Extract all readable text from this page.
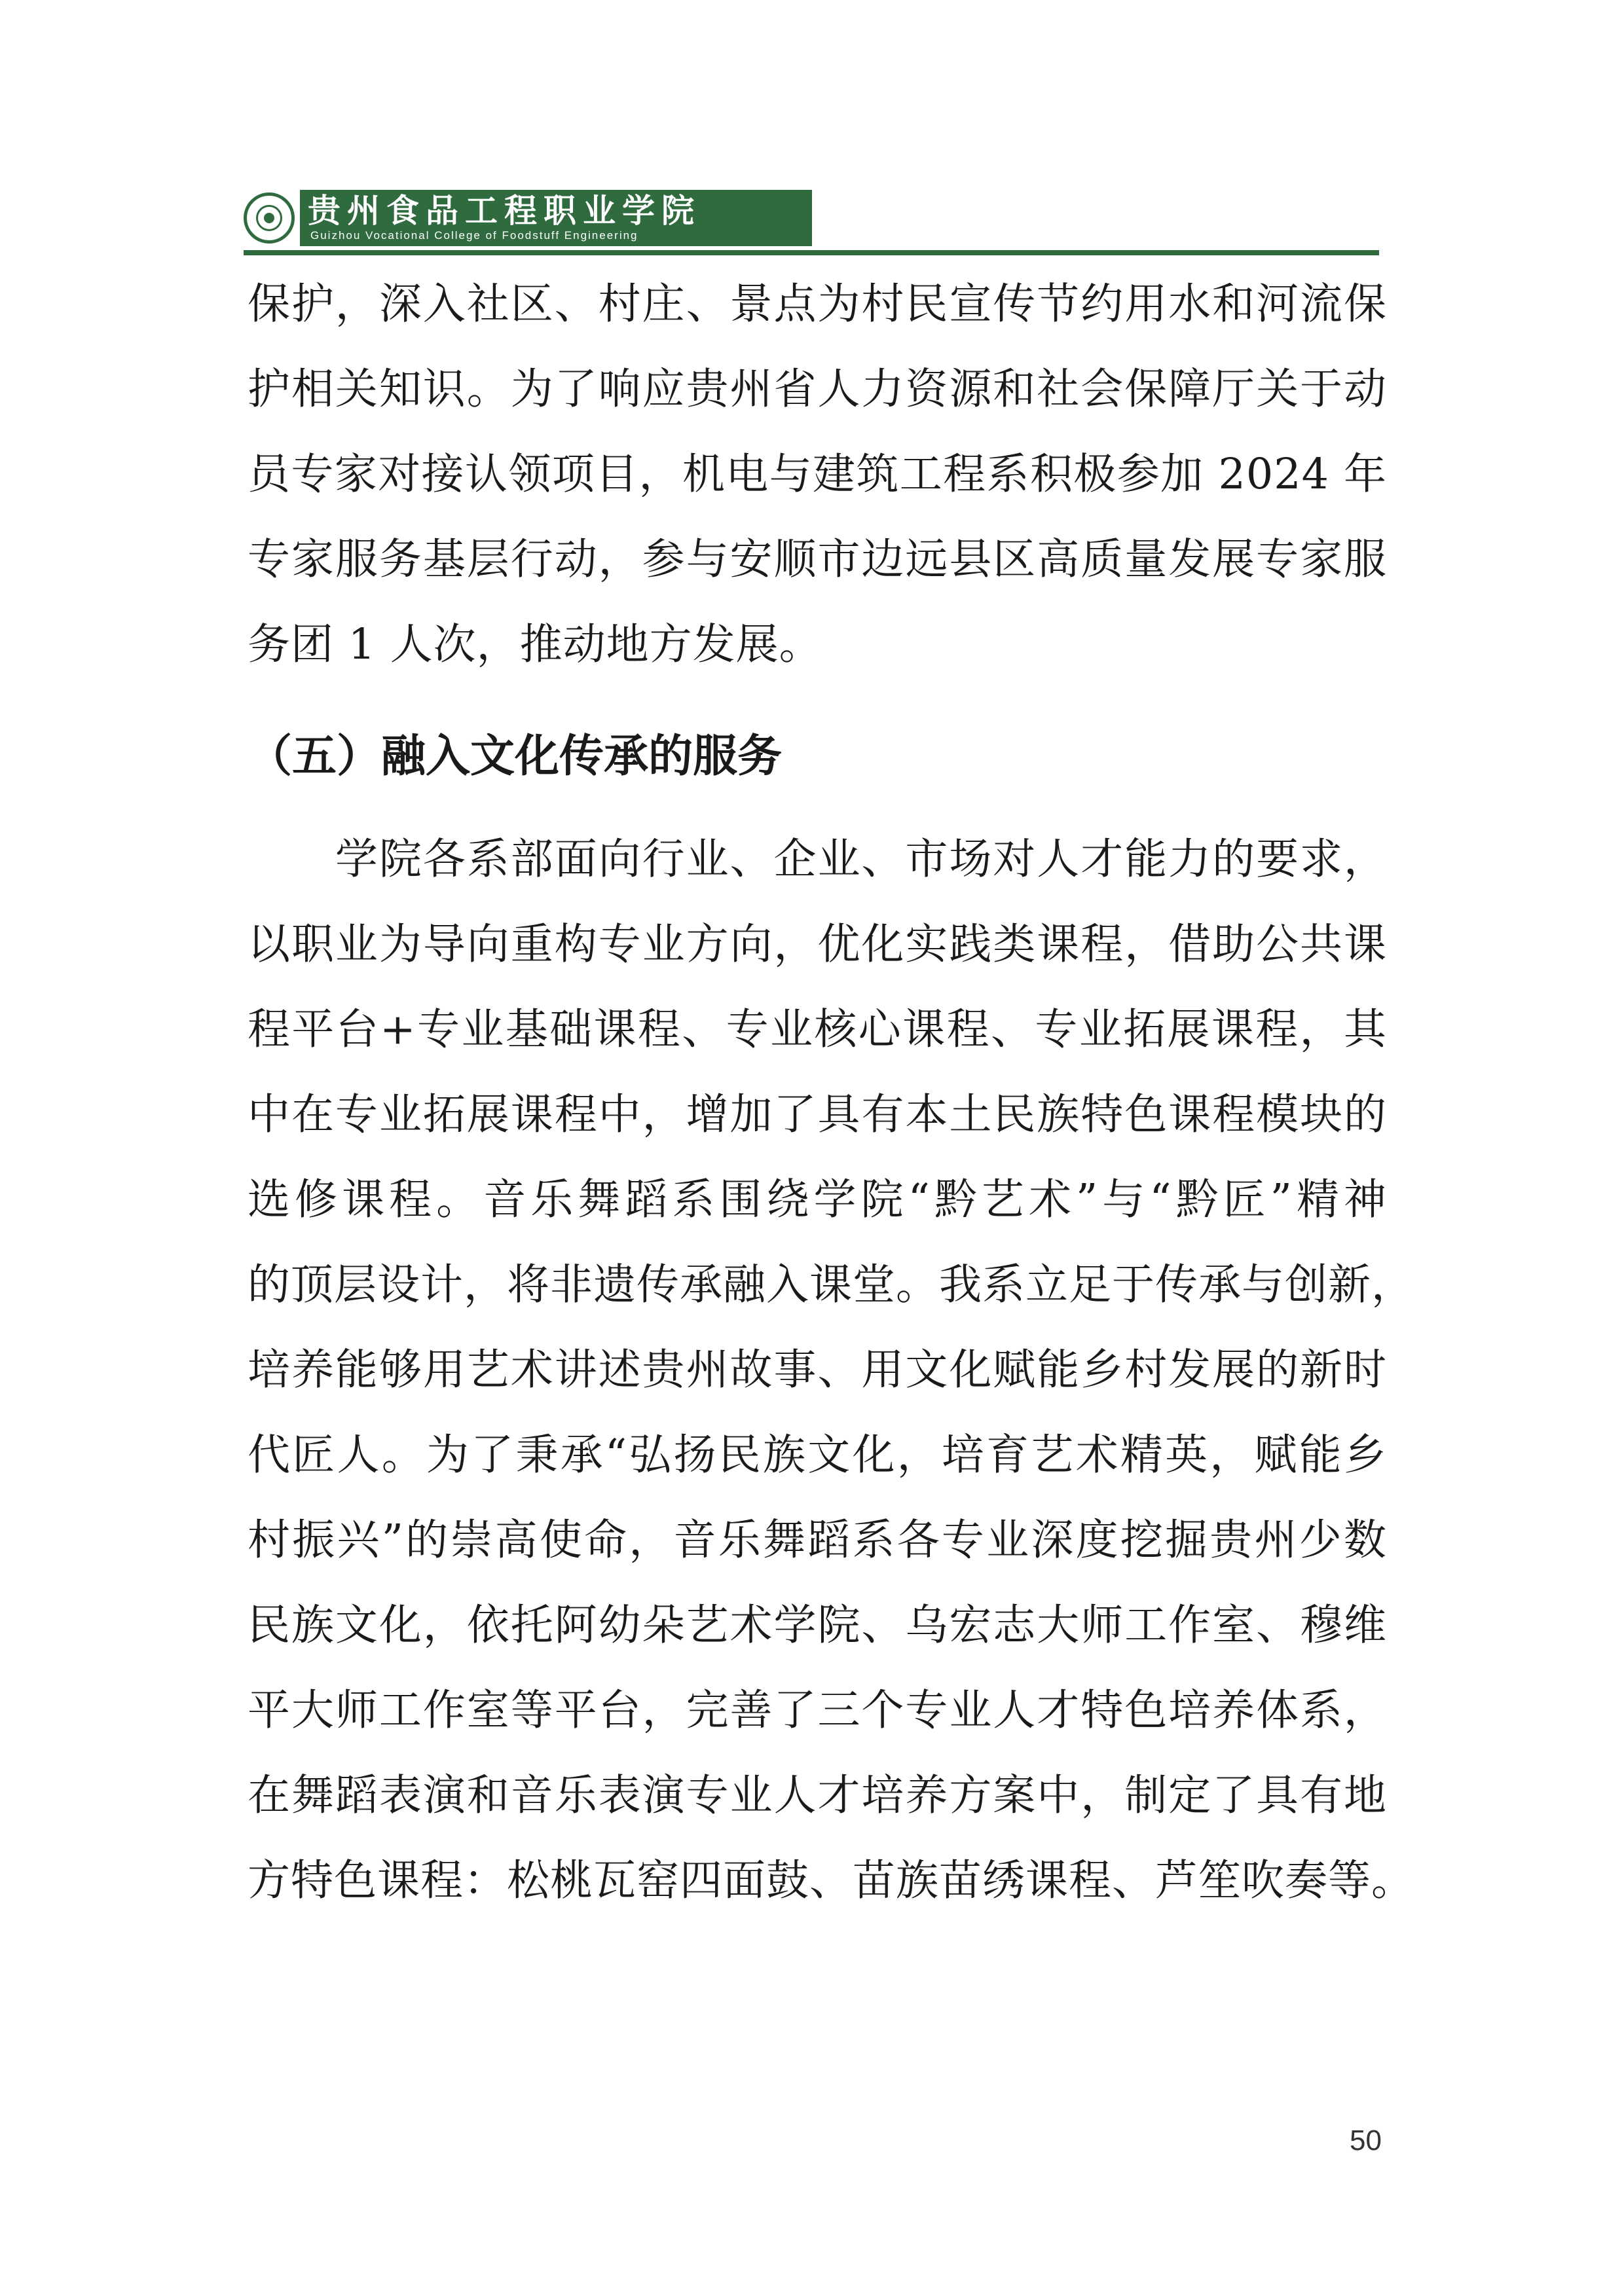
贵州食品工程职业学院
Guizhou Vocational College of Foodstuff Engineering
保护，深入社区、村庄、景点为村民宣传节约用水和河流保
护相关知识。为了响应贵州省人力资源和社会保障厅关于动
员专家对接认领项目，机电与建筑工程系积极参加 2024 年
专家服务基层行动，参与安顺市边远县区高质量发展专家服
务团 1 人次，推动地方发展。
（五）融入文化传承的服务
　　学院各系部面向行业、企业、市场对人才能力的要求，
以职业为导向重构专业方向，优化实践类课程，借助公共课
程平台+专业基础课程、专业核心课程、专业拓展课程，其
中在专业拓展课程中，增加了具有本土民族特色课程模块的
选修课程。音乐舞蹈系围绕学院“黔艺术”与“黔匠”精神
的顶层设计，将非遗传承融入课堂。我系立足于传承与创新，
培养能够用艺术讲述贵州故事、用文化赋能乡村发展的新时
代匠人。为了秉承“弘扬民族文化，培育艺术精英，赋能乡
村振兴”的崇高使命，音乐舞蹈系各专业深度挖掘贵州少数
民族文化，依托阿幼朵艺术学院、乌宏志大师工作室、穆维
平大师工作室等平台，完善了三个专业人才特色培养体系，
在舞蹈表演和音乐表演专业人才培养方案中，制定了具有地
方特色课程：松桃瓦窑四面鼓、苗族苗绣课程、芦笙吹奏等。
50
